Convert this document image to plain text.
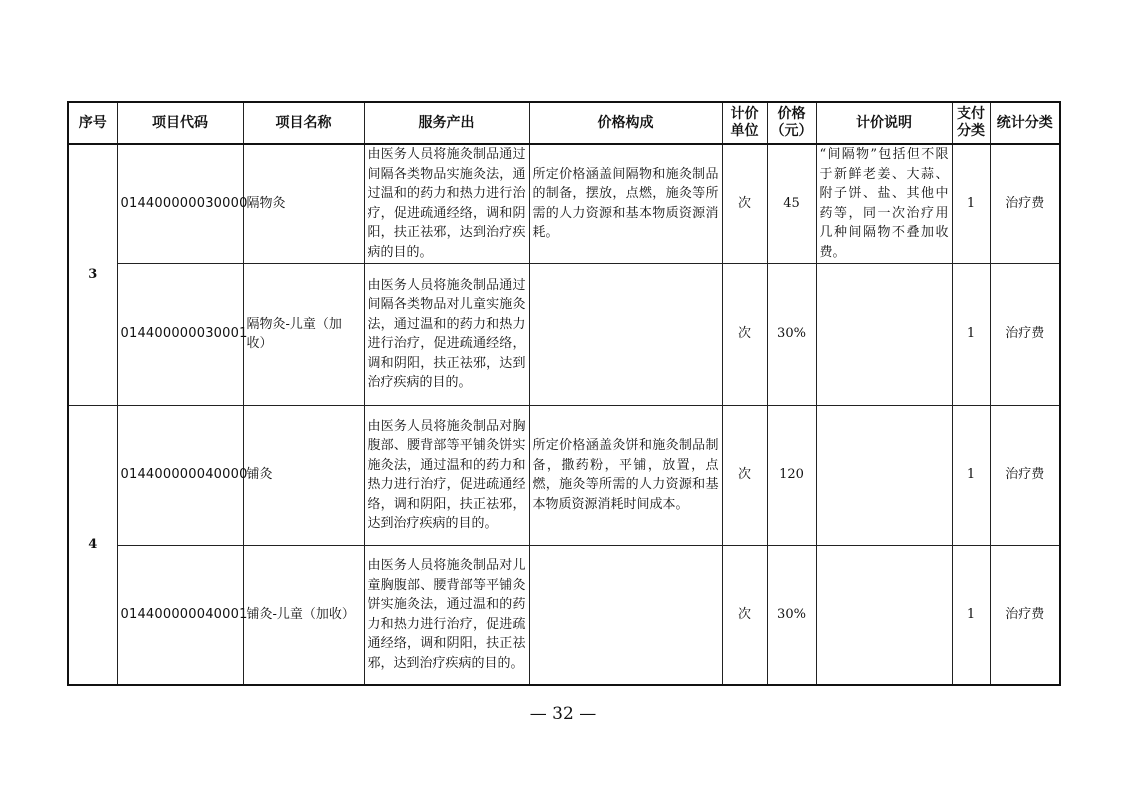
序号	项目代码	项目名称	服务产出	价格构成	计价单位	价格（元）	计价说明	支付分类	统计分类
3	014400000030000	隔物灸	由医务人员将施灸制品通过间隔各类物品实施灸法，通过温和的药力和热力进行治疗，促进疏通经络，调和阴阳，扶正祛邪，达到治疗疾病的目的。	所定价格涵盖间隔物和施灸制品的制备，摆放，点燃，施灸等所需的人力资源和基本物质资源消耗。	次	45	“间隔物”包括但不限于新鲜老姜、大蒜、附子饼、盐、其他中药等，同一次治疗用几种间隔物不叠加收费。	1	治疗费
	014400000030001	隔物灸-儿童（加收）	由医务人员将施灸制品通过间隔各类物品对儿童实施灸法，通过温和的药力和热力进行治疗，促进疏通经络，调和阴阳，扶正祛邪，达到治疗疾病的目的。		次	30%		1	治疗费
4	014400000040000	铺灸	由医务人员将施灸制品对胸腹部、腰背部等平铺灸饼实施灸法，通过温和的药力和热力进行治疗，促进疏通经络，调和阴阳，扶正祛邪，达到治疗疾病的目的。	所定价格涵盖灸饼和施灸制品制备，撒药粉，平铺，放置，点燃，施灸等所需的人力资源和基本物质资源消耗时间成本。	次	120		1	治疗费
	014400000040001	铺灸-儿童（加收）	由医务人员将施灸制品对儿童胸腹部、腰背部等平铺灸饼实施灸法，通过温和的药力和热力进行治疗，促进疏通经络，调和阴阳，扶正祛邪，达到治疗疾病的目的。		次	30%		1	治疗费
— 32 —
